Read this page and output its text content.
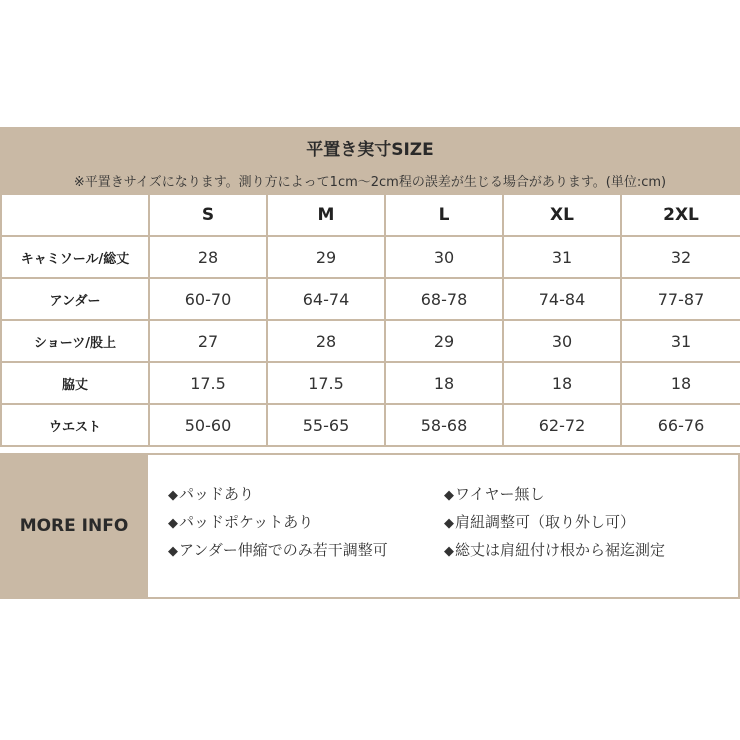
平置き実寸SIZE
※平置きサイズになります。測り方によって1cm〜2cm程の誤差が生じる場合があります。(単位:cm)
	S	M	L	XL	2XL
キャミソール/総丈	28	29	30	31	32
アンダー	60-70	64-74	68-78	74-84	77-87
ショーツ/股上	27	28	29	30	31
脇丈	17.5	17.5	18	18	18
ウエスト	50-60	55-65	58-68	62-72	66-76
MORE INFO
◆パッドあり
◆パッドポケットあり
◆アンダー伸縮でのみ若干調整可
◆ワイヤー無し
◆肩紐調整可（取り外し可）
◆総丈は肩紐付け根から裾迄測定
